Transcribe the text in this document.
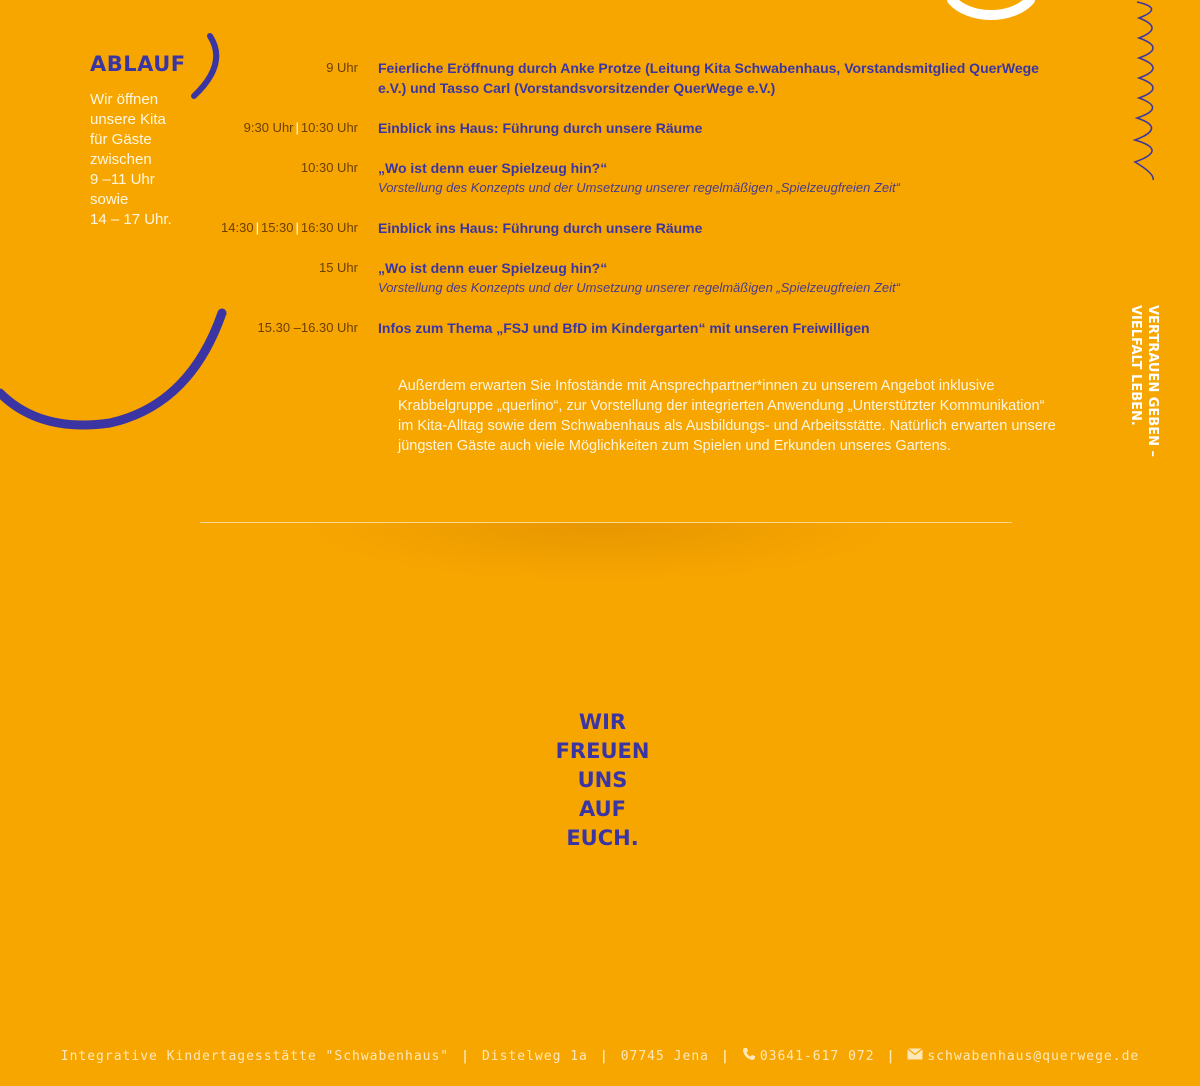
ABLAUF

Wir öffnen
unsere Kita
für Gäste
zwischen
9 –11 Uhr
sowie
14 – 17 Uhr.

9 Uhr	Feierliche Eröffnung durch Anke Protze (Leitung Kita Schwabenhaus, Vorstandsmitglied QuerWege e.V.) und Tasso Carl (Vorstandsvorsitzender QuerWege e.V.)
9:30 Uhr | 10:30 Uhr	Einblick ins Haus: Führung durch unsere Räume
10:30 Uhr	„Wo ist denn euer Spielzeug hin?“
Vorstellung des Konzepts und der Umsetzung unserer regelmäßigen „Spielzeugfreien Zeit“
14:30 | 15:30 | 16:30 Uhr	Einblick ins Haus: Führung durch unsere Räume
15 Uhr	„Wo ist denn euer Spielzeug hin?“
Vorstellung des Konzepts und der Umsetzung unserer regelmäßigen „Spielzeugfreien Zeit“
15.30 –16.30 Uhr	Infos zum Thema „FSJ und BfD im Kindergarten“ mit unseren Freiwilligen

Außerdem erwarten Sie Infostände mit Ansprechpartner*innen zu unserem Angebot inklusive Krabbelgruppe „querlino“, zur Vorstellung der integrierten Anwendung „Unterstützter Kommunikation“ im Kita-Alltag sowie dem Schwabenhaus als Ausbildungs- und Arbeitsstätte. Natürlich erwarten unsere jüngsten Gäste auch viele Möglichkeiten zum Spielen und Erkunden unseres Gartens.

WIR
FREUEN
UNS
AUF
EUCH.
VERTRAUEN GEBEN – VIELFALT LEBEN.
Integrative Kindertagesstätte "Schwabenhaus" | Distelweg 1a | 07745 Jena | 03641-617 072 | schwabenhaus@querwege.de
